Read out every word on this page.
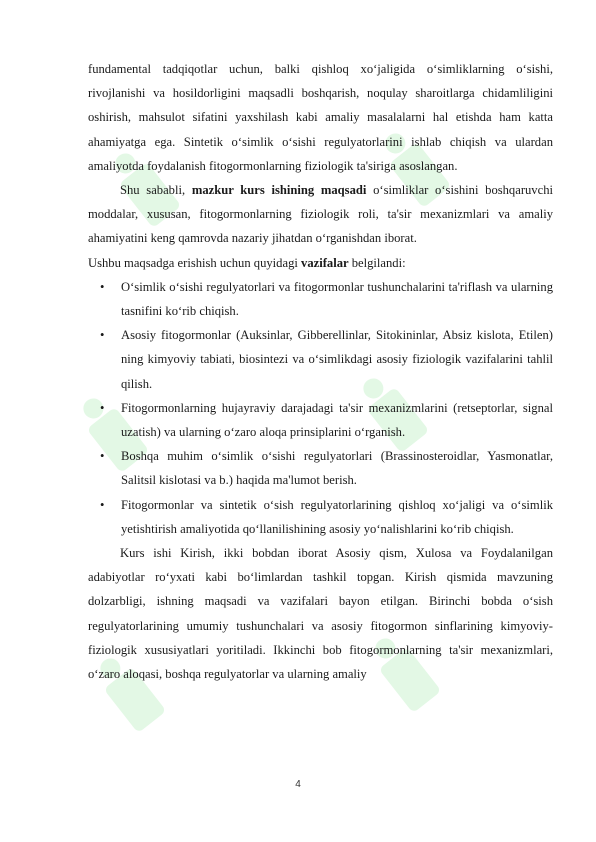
fundamental tadqiqotlar uchun, balki qishloq xo‘jaligida o‘simliklarning o‘sishi, rivojlanishi va hosildorligini maqsadli boshqarish, noqulay sharoitlarga chidamliligini oshirish, mahsulot sifatini yaxshilash kabi amaliy masalalarni hal etishda ham katta ahamiyatga ega. Sintetik o‘simlik o‘sishi regulyatorlarini ishlab chiqish va ulardan amaliyotda foydalanish fitogormonlarning fiziologik ta'siriga asoslangan.

Shu sababli, mazkur kurs ishining maqsadi o‘simliklar o‘sishini boshqaruvchi moddalar, xususan, fitogormonlarning fiziologik roli, ta'sir mexanizmlari va amaliy ahamiyatini keng qamrovda nazariy jihatdan o‘rganishdan iborat.

Ushbu maqsadga erishish uchun quyidagi vazifalar belgilandi:

• O‘simlik o‘sishi regulyatorlari va fitogormonlar tushunchalarini ta'riflash va ularning tasnifini ko‘rib chiqish.
• Asosiy fitogormonlar (Auksinlar, Gibberellinlar, Sitokininlar, Absiz kislota, Etilen) ning kimyoviy tabiati, biosintezi va o‘simlikdagi asosiy fiziologik vazifalarini tahlil qilish.
• Fitogormonlarning hujayraviy darajadagi ta'sir mexanizmlarini (retseptorlar, signal uzatish) va ularning o‘zaro aloqa prinsiplarini o‘rganish.
• Boshqa muhim o‘simlik o‘sishi regulyatorlari (Brassinosteroidlar, Yasmonatlar, Salitsil kislotasi va b.) haqida ma'lumot berish.
• Fitogormonlar va sintetik o‘sish regulyatorlarining qishloq xo‘jaligi va o‘simlik yetishtirish amaliyotida qo‘llanilishining asosiy yo‘nalishlarini ko‘rib chiqish.

Kurs ishi Kirish, ikki bobdan iborat Asosiy qism, Xulosa va Foydalanilgan adabiyotlar ro‘yxati kabi bo‘limlardan tashkil topgan. Kirish qismida mavzuning dolzarbligi, ishning maqsadi va vazifalari bayon etilgan. Birinchi bobda o‘sish regulyatorlarining umumiy tushunchalari va asosiy fitogormon sinflarining kimyoviy-fiziologik xususiyatlari yoritiladi. Ikkinchi bob fitogormonlarning ta'sir mexanizmlari, o‘zaro aloqasi, boshqa regulyatorlar va ularning amaliy

4
